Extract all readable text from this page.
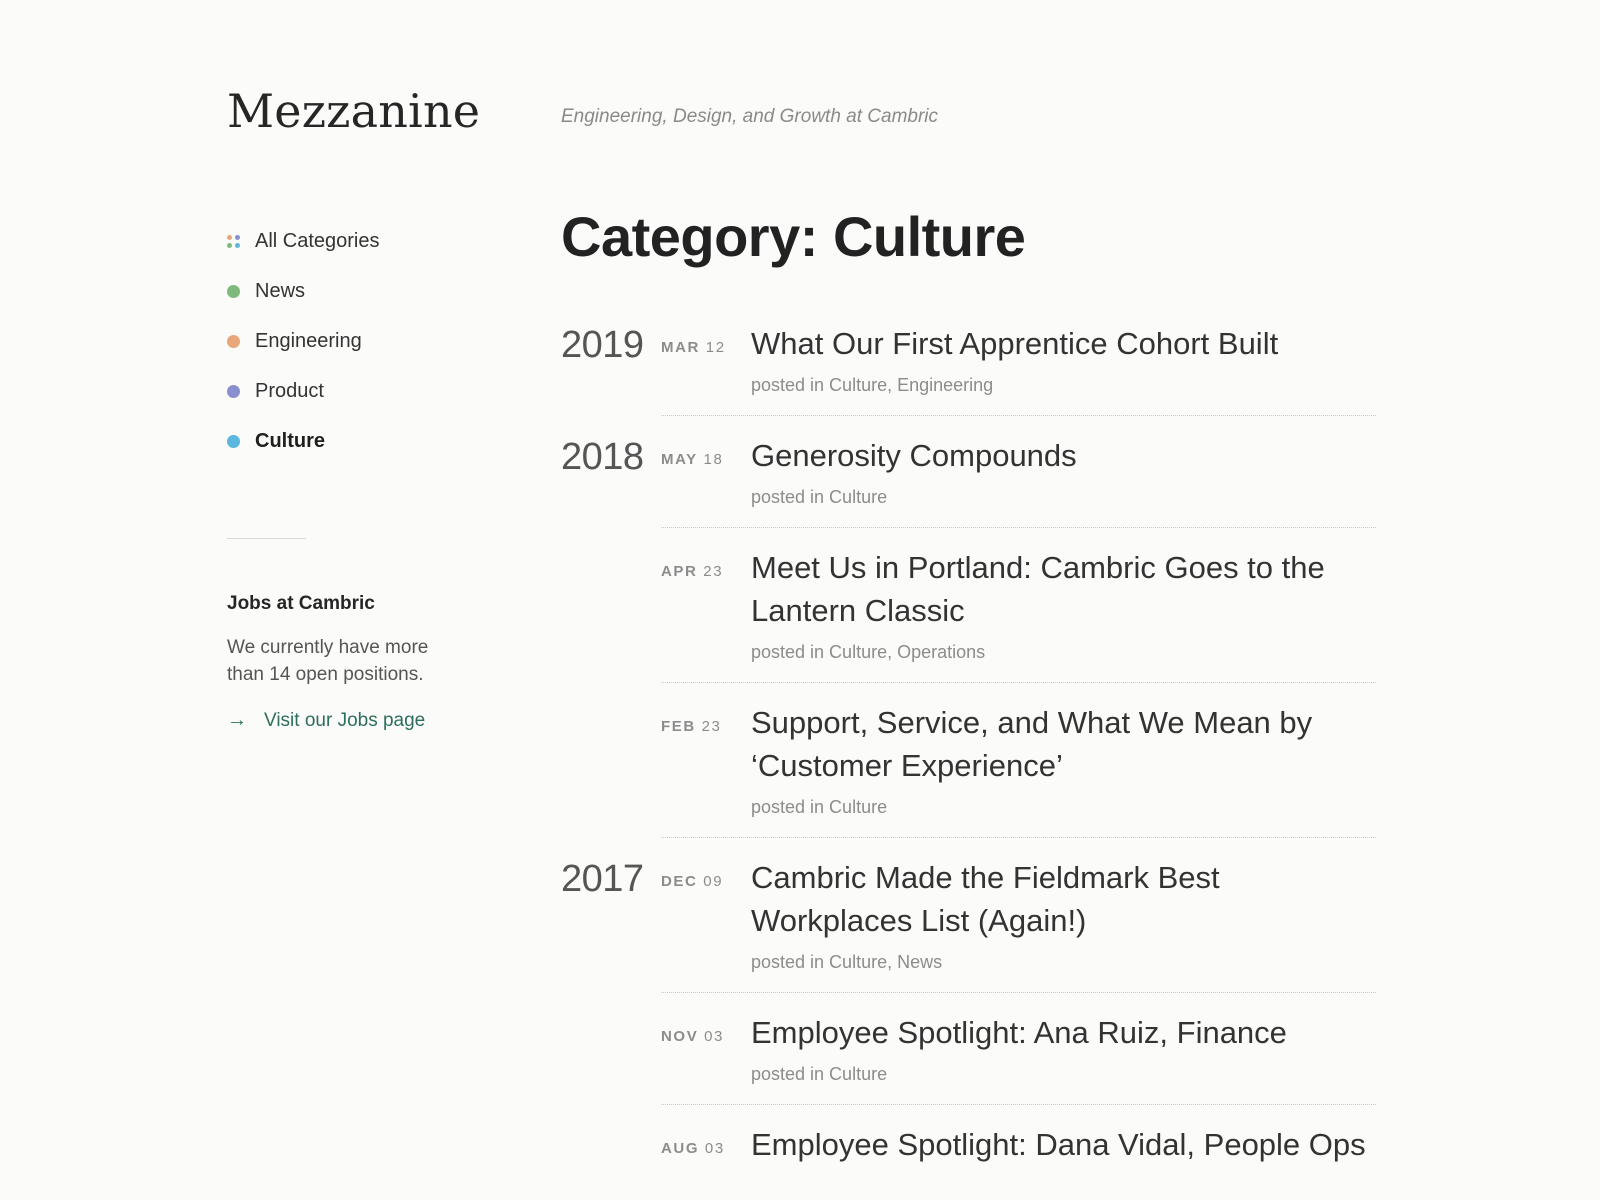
Mezzanine	Engineering, Design, and Growth at Cambric
All Categories
News
Engineering
Product
Culture
Jobs at Cambric
We currently have more than 14 open positions.
→ Visit our Jobs page
Category: Culture
2019	MAR 12 What Our First Apprentice Cohort Built
posted in Culture, Engineering
2018	MAY 18 Generosity Compounds
posted in Culture
APR 23 Meet Us in Portland: Cambric Goes to the Lantern Classic
posted in Culture, Operations
FEB 23 Support, Service, and What We Mean by ‘Customer Experience’
posted in Culture
2017	DEC 09 Cambric Made the Fieldmark Best Workplaces List (Again!)
posted in Culture, News
NOV 03 Employee Spotlight: Ana Ruiz, Finance
posted in Culture
AUG 03 Employee Spotlight: Dana Vidal, People Ops
